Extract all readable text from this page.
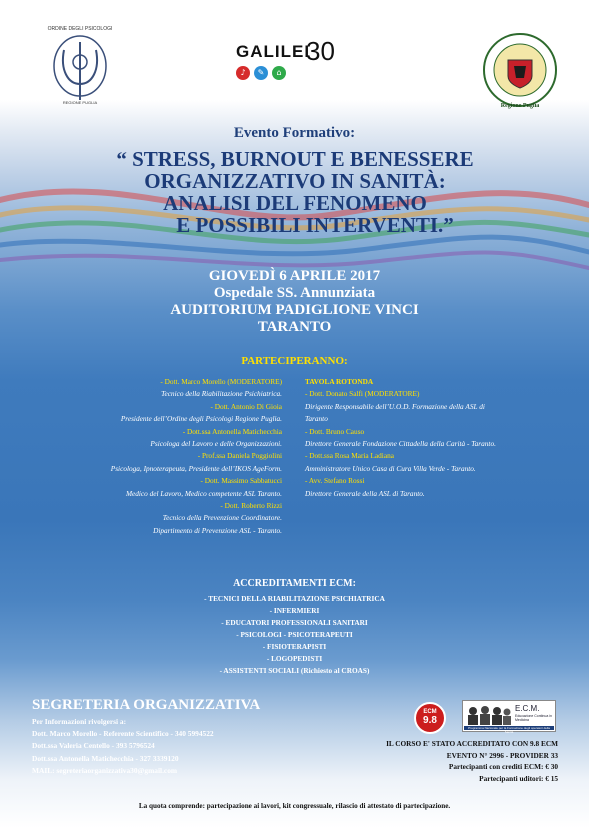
ORDINE DEGLI PSICOLOGI
REGIONE PUGLIA
GALILEI
30
♪	✎	⌂
Regione Puglia
Evento Formativo:
“ STRESS, BURNOUT E BENESSERE
ORGANIZZATIVO IN SANITÀ:
ANALISI DEL FENOMENO
E POSSIBILI INTERVENTI.”
GIOVEDÌ 6 APRILE 2017
Ospedale SS. Annunziata
AUDITORIUM PADIGLIONE VINCI
TARANTO
PARTECIPERANNO:
- Dott. Marco Morello (MODERATORE)
Tecnico della Riabilitazione Psichiatrica.
- Dott. Antonio Di Gioia
Presidente dell’Ordine degli Psicologi Regione Puglia.
- Dott.ssa Antonella Matichecchia
Psicologa del Lavoro e delle Organizzazioni.
- Prof.ssa Daniela Poggiolini
Psicologa, Ipnoterapeuta, Presidente dell’IKOS AgeForm.
- Dott. Massimo Sabbatucci
Medico del Lavoro, Medico competente ASL Taranto.
- Dott. Roberto Rizzi
Tecnico della Prevenzione Coordinatore.
Dipartimento di Prevenzione ASL - Taranto.
TAVOLA ROTONDA
- Dott. Donato Salfi (MODERATORE)
Dirigente Responsabile dell’U.O.D. Formazione della ASL di
Taranto
- Dott. Bruno Causo
Direttore Generale Fondazione Cittadella della Carità - Taranto.
- Dott.ssa Rosa Maria Ladiana
Amministratore Unico Casa di Cura Villa Verde - Taranto.
- Avv. Stefano Rossi
Direttore Generale della ASL di Taranto.
ACCREDITAMENTI ECM:
- TECNICI DELLA RIABILITAZIONE PSICHIATRICA
- INFERMIERI
- EDUCATORI PROFESSIONALI SANITARI
- PSICOLOGI - PSICOTERAPEUTI
- FISIOTERAPISTI
- LOGOPEDISTI
- ASSISTENTI SOCIALI (Richiesto al CROAS)
SEGRETERIA ORGANIZZATIVA
Per Informazioni rivolgersi a:
Dott. Marco Morello - Referente Scientifico - 340 5994522
Dott.ssa Valeria Centello - 393 5796524
Dott.ssa Antonella Matichecchia - 327 3339120
MAIL: segreteriaorganizzativa30@gmail.com
ECM
9.8
E.C.M.
Educazione Continua in Medicina
Programma Nazionale per la Formazione degli operatori della Sanità
IL CORSO E' STATO ACCREDITATO CON 9.8 ECM
EVENTO N° 2996 - PROVIDER 33
Partecipanti con crediti ECM: € 30
Partecipanti uditori: € 15
La quota comprende: partecipazione ai lavori, kit congressuale, rilascio di attestato di partecipazione.
